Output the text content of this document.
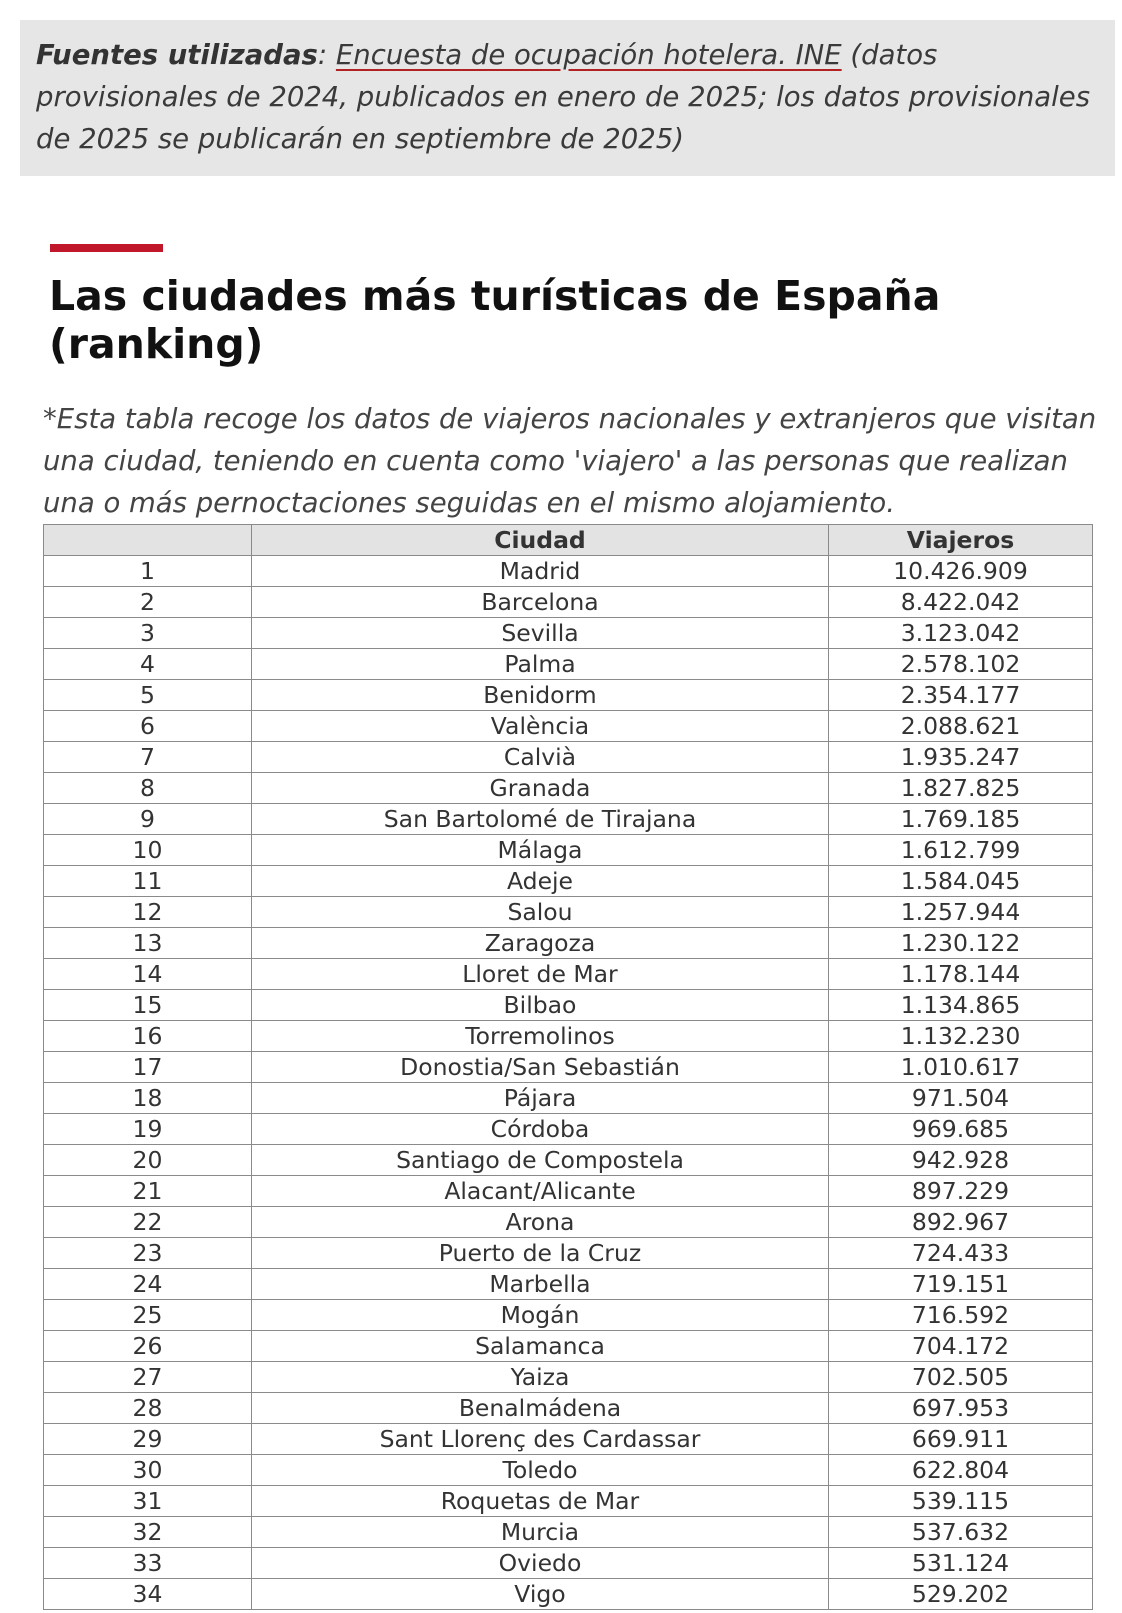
Fuentes utilizadas: Encuesta de ocupación hotelera. INE (datos provisionales de 2024, publicados en enero de 2025; los datos provisionales de 2025 se publicarán en septiembre de 2025)

Las ciudades más turísticas de España (ranking)

*Esta tabla recoge los datos de viajeros nacionales y extranjeros que visitan una ciudad, teniendo en cuenta como 'viajero' a las personas que realizan una o más pernoctaciones seguidas en el mismo alojamiento.

	Ciudad	Viajeros
1	Madrid	10.426.909
2	Barcelona	8.422.042
3	Sevilla	3.123.042
4	Palma	2.578.102
5	Benidorm	2.354.177
6	València	2.088.621
7	Calvià	1.935.247
8	Granada	1.827.825
9	San Bartolomé de Tirajana	1.769.185
10	Málaga	1.612.799
11	Adeje	1.584.045
12	Salou	1.257.944
13	Zaragoza	1.230.122
14	Lloret de Mar	1.178.144
15	Bilbao	1.134.865
16	Torremolinos	1.132.230
17	Donostia/San Sebastián	1.010.617
18	Pájara	971.504
19	Córdoba	969.685
20	Santiago de Compostela	942.928
21	Alacant/Alicante	897.229
22	Arona	892.967
23	Puerto de la Cruz	724.433
24	Marbella	719.151
25	Mogán	716.592
26	Salamanca	704.172
27	Yaiza	702.505
28	Benalmádena	697.953
29	Sant Llorenç des Cardassar	669.911
30	Toledo	622.804
31	Roquetas de Mar	539.115
32	Murcia	537.632
33	Oviedo	531.124
34	Vigo	529.202
